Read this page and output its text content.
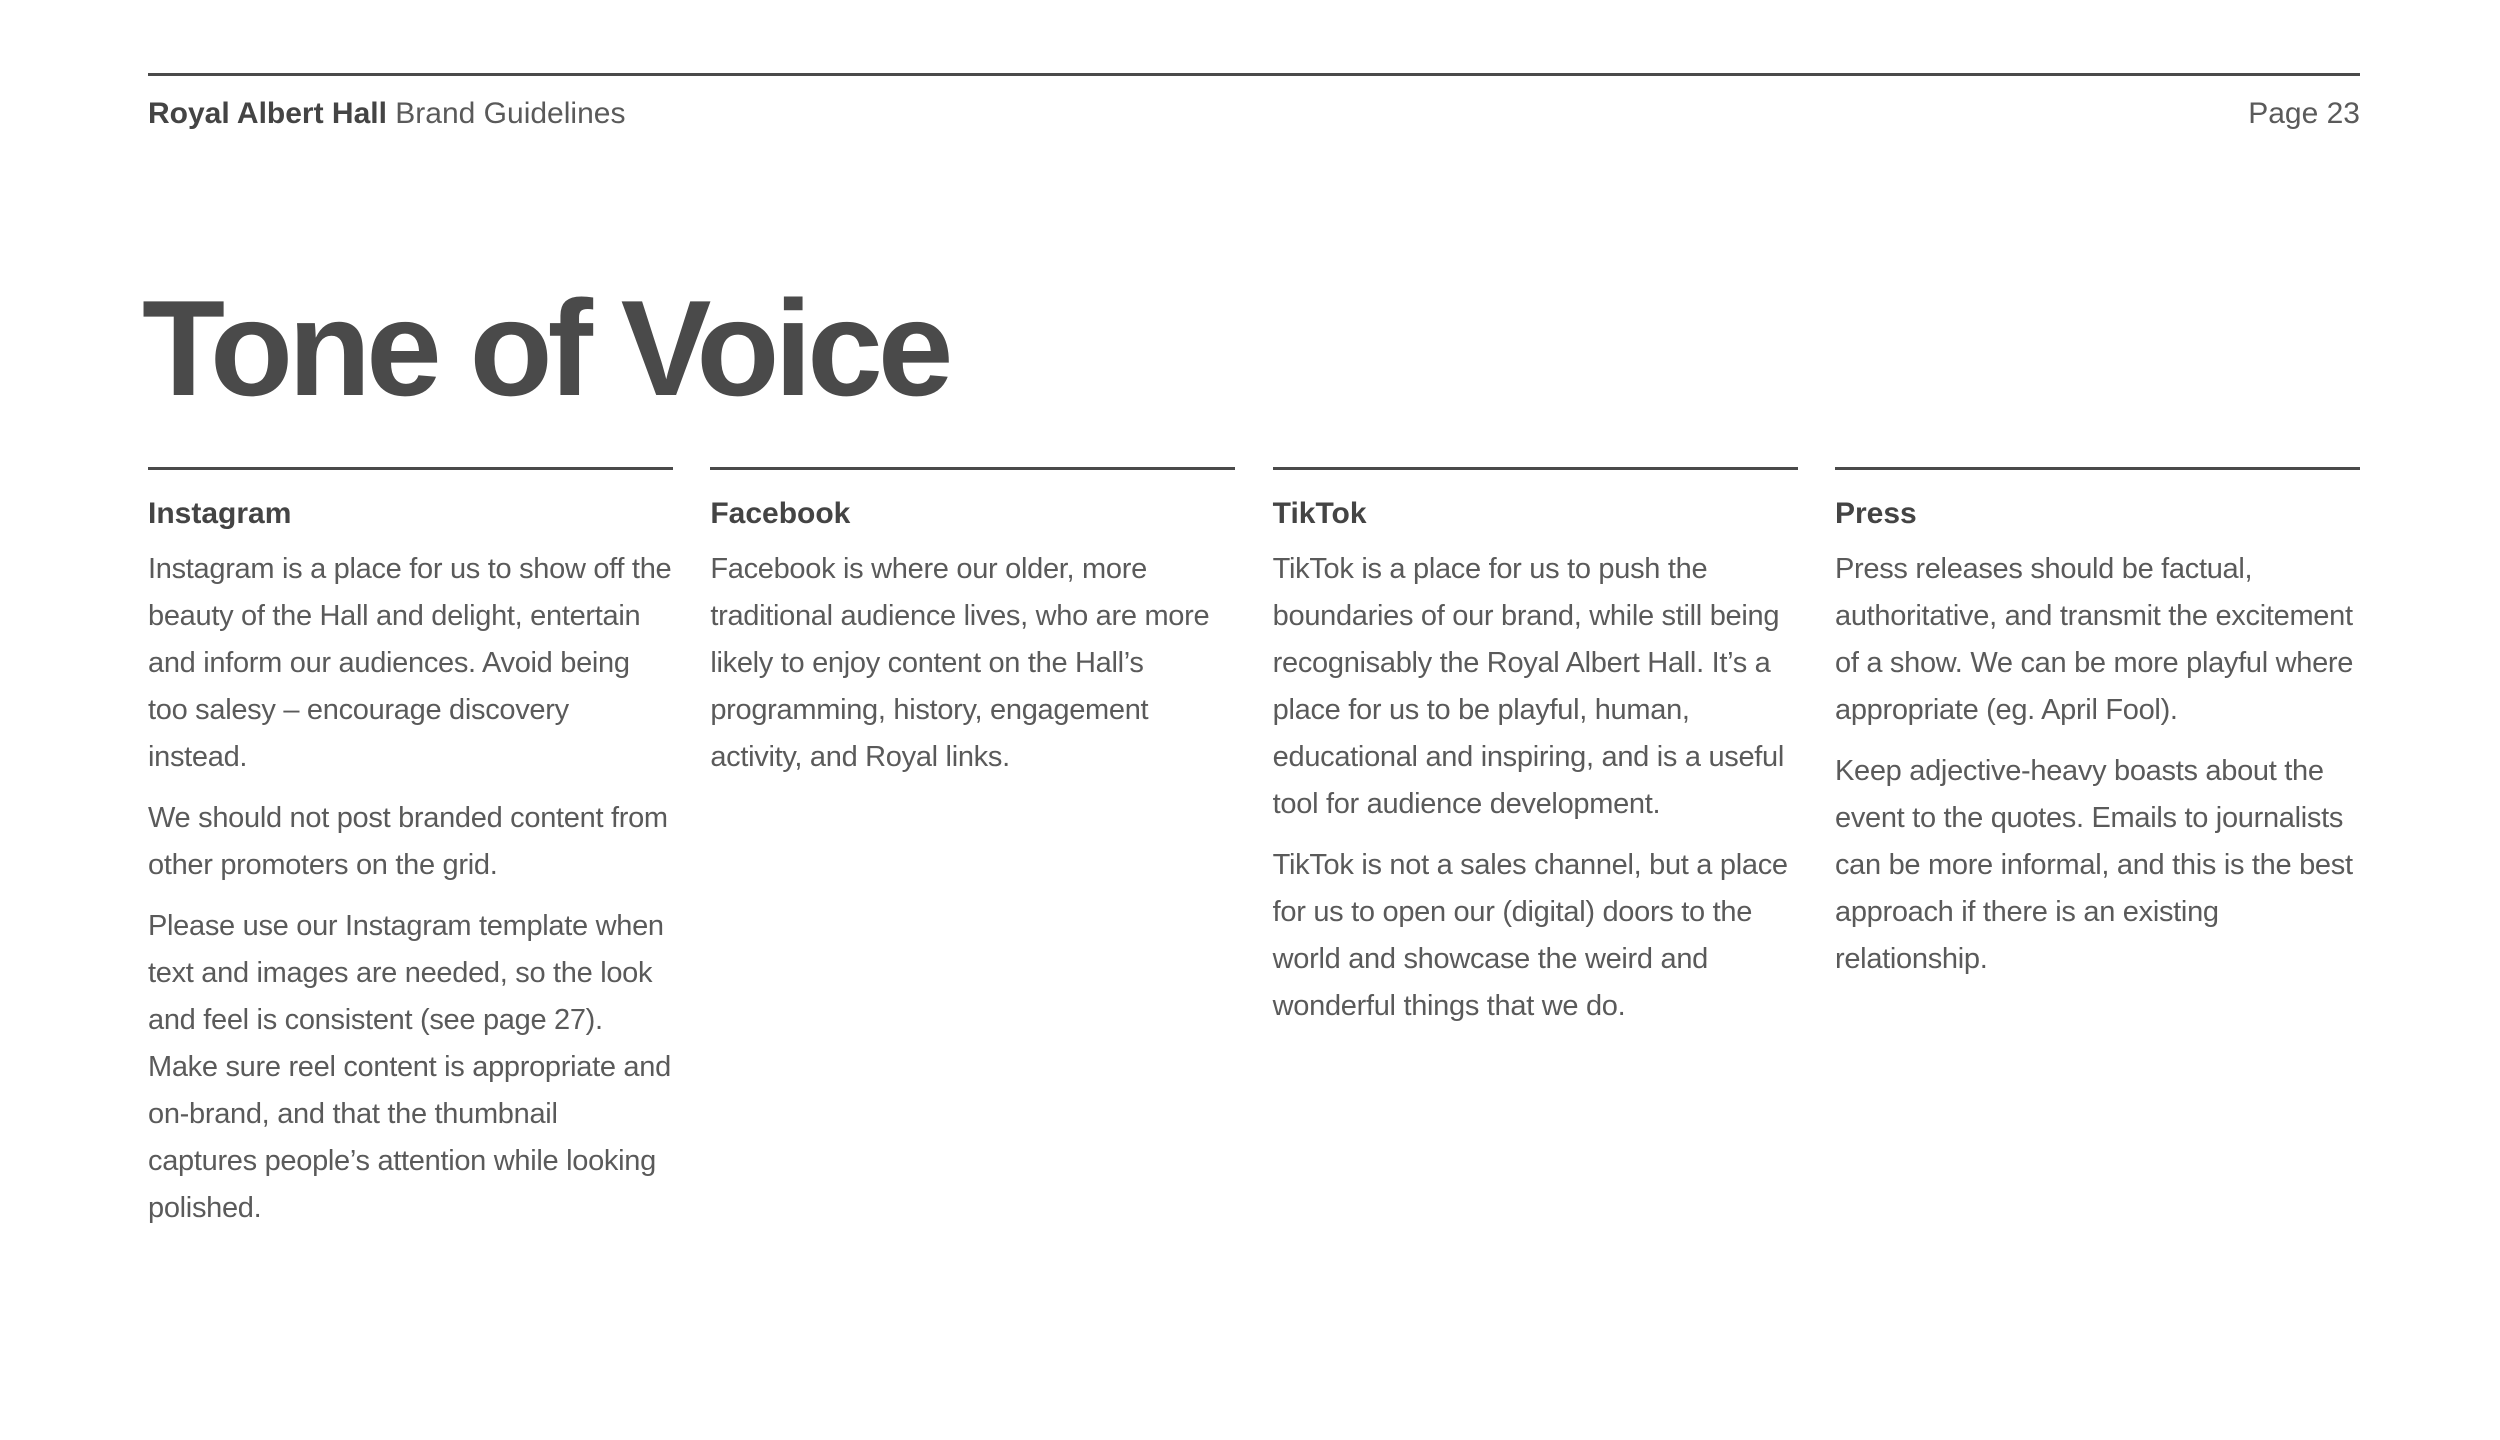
Royal Albert Hall Brand Guidelines	Page 23
Tone of Voice
Instagram

Instagram is a place for us to show off the beauty of the Hall and delight, entertain and inform our audiences. Avoid being too salesy – encourage discovery instead.

We should not post branded content from other promoters on the grid.

Please use our Instagram template when text and images are needed, so the look and feel is consistent (see page 27). Make sure reel content is appropriate and on-brand, and that the thumbnail captures people’s attention while looking polished.

Facebook

Facebook is where our older, more traditional audience lives, who are more likely to enjoy content on the Hall’s programming, history, engagement activity, and Royal links.

TikTok

TikTok is a place for us to push the boundaries of our brand, while still being recognisably the Royal Albert Hall. It’s a place for us to be playful, human, educational and inspiring, and is a useful tool for audience development.

TikTok is not a sales channel, but a place for us to open our (digital) doors to the world and showcase the weird and wonderful things that we do.

Press

Press releases should be factual, authoritative, and transmit the excitement of a show. We can be more playful where appropriate (eg. April Fool).

Keep adjective-heavy boasts about the event to the quotes. Emails to journalists can be more informal, and this is the best approach if there is an existing relationship.
